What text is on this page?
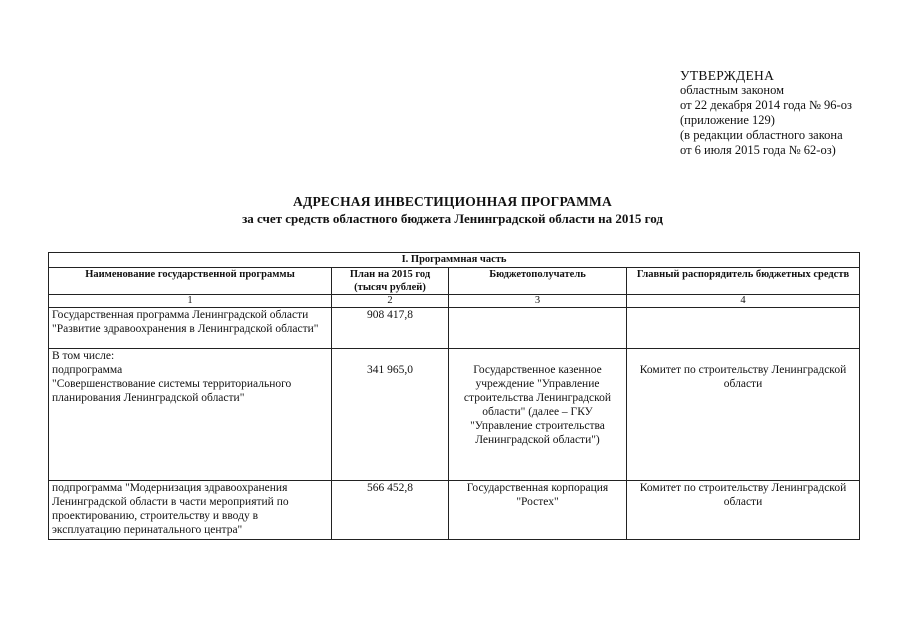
УТВЕРЖДЕНА
областным законом
от 22 декабря 2014 года № 96-оз
(приложение 129)
(в редакции областного закона
от 6 июля 2015 года № 62-оз)
АДРЕСНАЯ ИНВЕСТИЦИОННАЯ ПРОГРАММА
за счет средств областного бюджета Ленинградской области на 2015 год
I. Программная часть			
Наименование государственной программы	План на 2015 год (тысяч рублей)	Бюджетополучатель	Главный распорядитель бюджетных средств
1	2	3	4
Государственная программа Ленинградской области "Развитие здравоохранения в Ленинградской области"	908 417,8		

В том числе:
подпрограмма
"Совершенствование системы территориального планирования Ленинградской области"	341 965,0	Государственное казенное учреждение "Управление строительства Ленинградской области" (далее – ГКУ "Управление строительства Ленинградской области")	Комитет по строительству Ленинградской области
подпрограмма "Модернизация здравоохранения Ленинградской области в части мероприятий по проектированию, строительству и вводу в эксплуатацию перинатального центра"	566 452,8	Государственная корпорация "Ростех"	Комитет по строительству Ленинградской области
